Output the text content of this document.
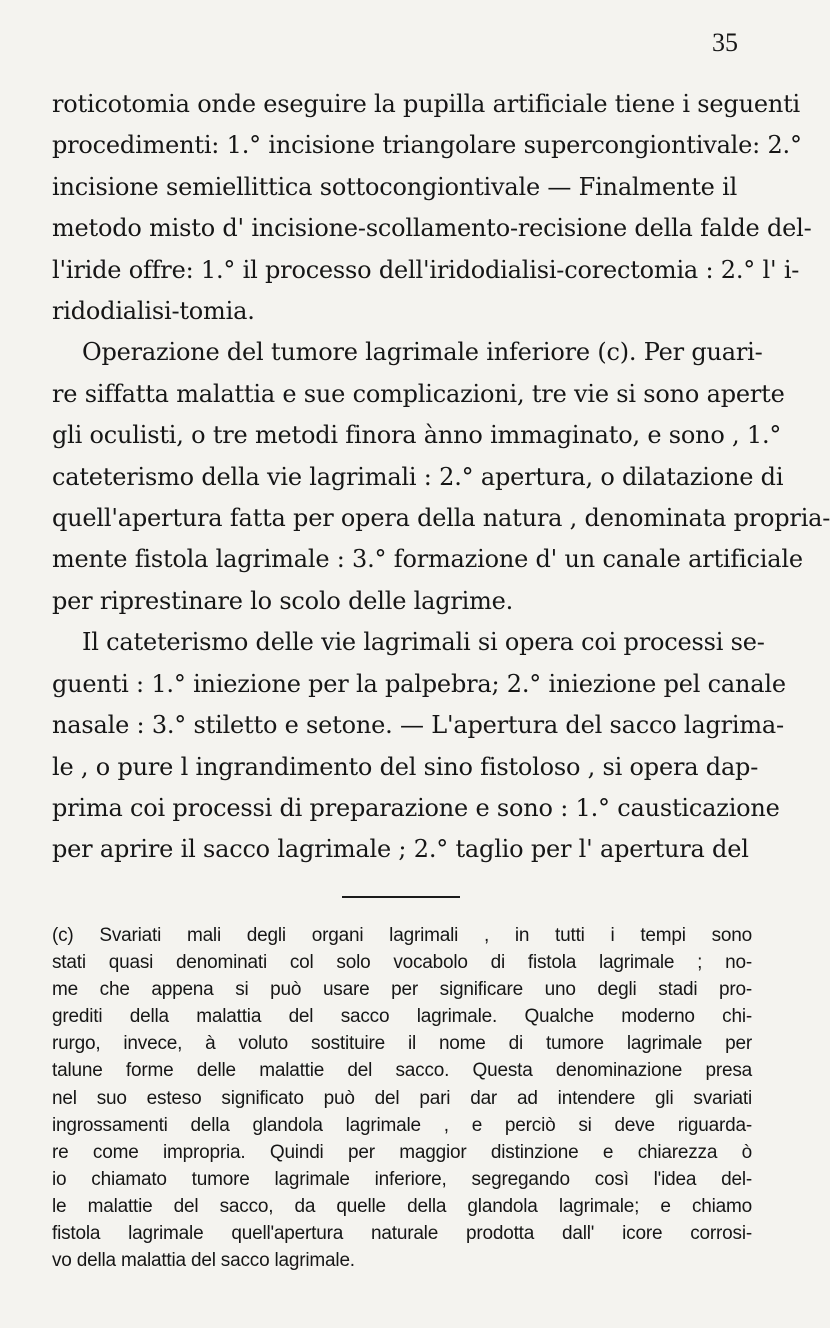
35

roticotomia onde eseguire la pupilla artificiale tiene i seguenti
procedimenti: 1.° incisione triangolare supercongiontivale: 2.°
incisione semiellittica sottocongiontivale — Finalmente il
metodo misto d' incisione-scollamento-recisione della falde del-
l'iride offre: 1.° il processo dell'iridodialisi-corectomia : 2.° l' i-
ridodialisi-tomia.

Operazione del tumore lagrimale inferiore (c). Per guari-
re siffatta malattia e sue complicazioni, tre vie si sono aperte
gli oculisti, o tre metodi finora ànno immaginato, e sono , 1.°
cateterismo della vie lagrimali : 2.° apertura, o dilatazione di
quell'apertura fatta per opera della natura , denominata propria-
mente fistola lagrimale : 3.° formazione d' un canale artificiale
per riprestinare lo scolo delle lagrime.

Il cateterismo delle vie lagrimali si opera coi processi se-
guenti : 1.° iniezione per la palpebra; 2.° iniezione pel canale
nasale : 3.° stiletto e setone. — L'apertura del sacco lagrima-
le , o pure l ingrandimento del sino fistoloso , si opera dap-
prima coi processi di preparazione e sono : 1.° causticazione
per aprire il sacco lagrimale ; 2.° taglio per l' apertura del

(c) Svariati mali degli organi lagrimali , in tutti i tempi sono
stati quasi denominati col solo vocabolo di fistola lagrimale ; no-
me che appena si può usare per significare uno degli stadi pro-
grediti della malattia del sacco lagrimale. Qualche moderno chi-
rurgo, invece, à voluto sostituire il nome di tumore lagrimale per
talune forme delle malattie del sacco. Questa denominazione presa
nel suo esteso significato può del pari dar ad intendere gli svariati
ingrossamenti della glandola lagrimale , e perciò si deve riguarda-
re come impropria. Quindi per maggior distinzione e chiarezza ò
io chiamato tumore lagrimale inferiore, segregando così l'idea del-
le malattie del sacco, da quelle della glandola lagrimale; e chiamo
fistola lagrimale quell'apertura naturale prodotta dall' icore corrosi-
vo della malattia del sacco lagrimale.
